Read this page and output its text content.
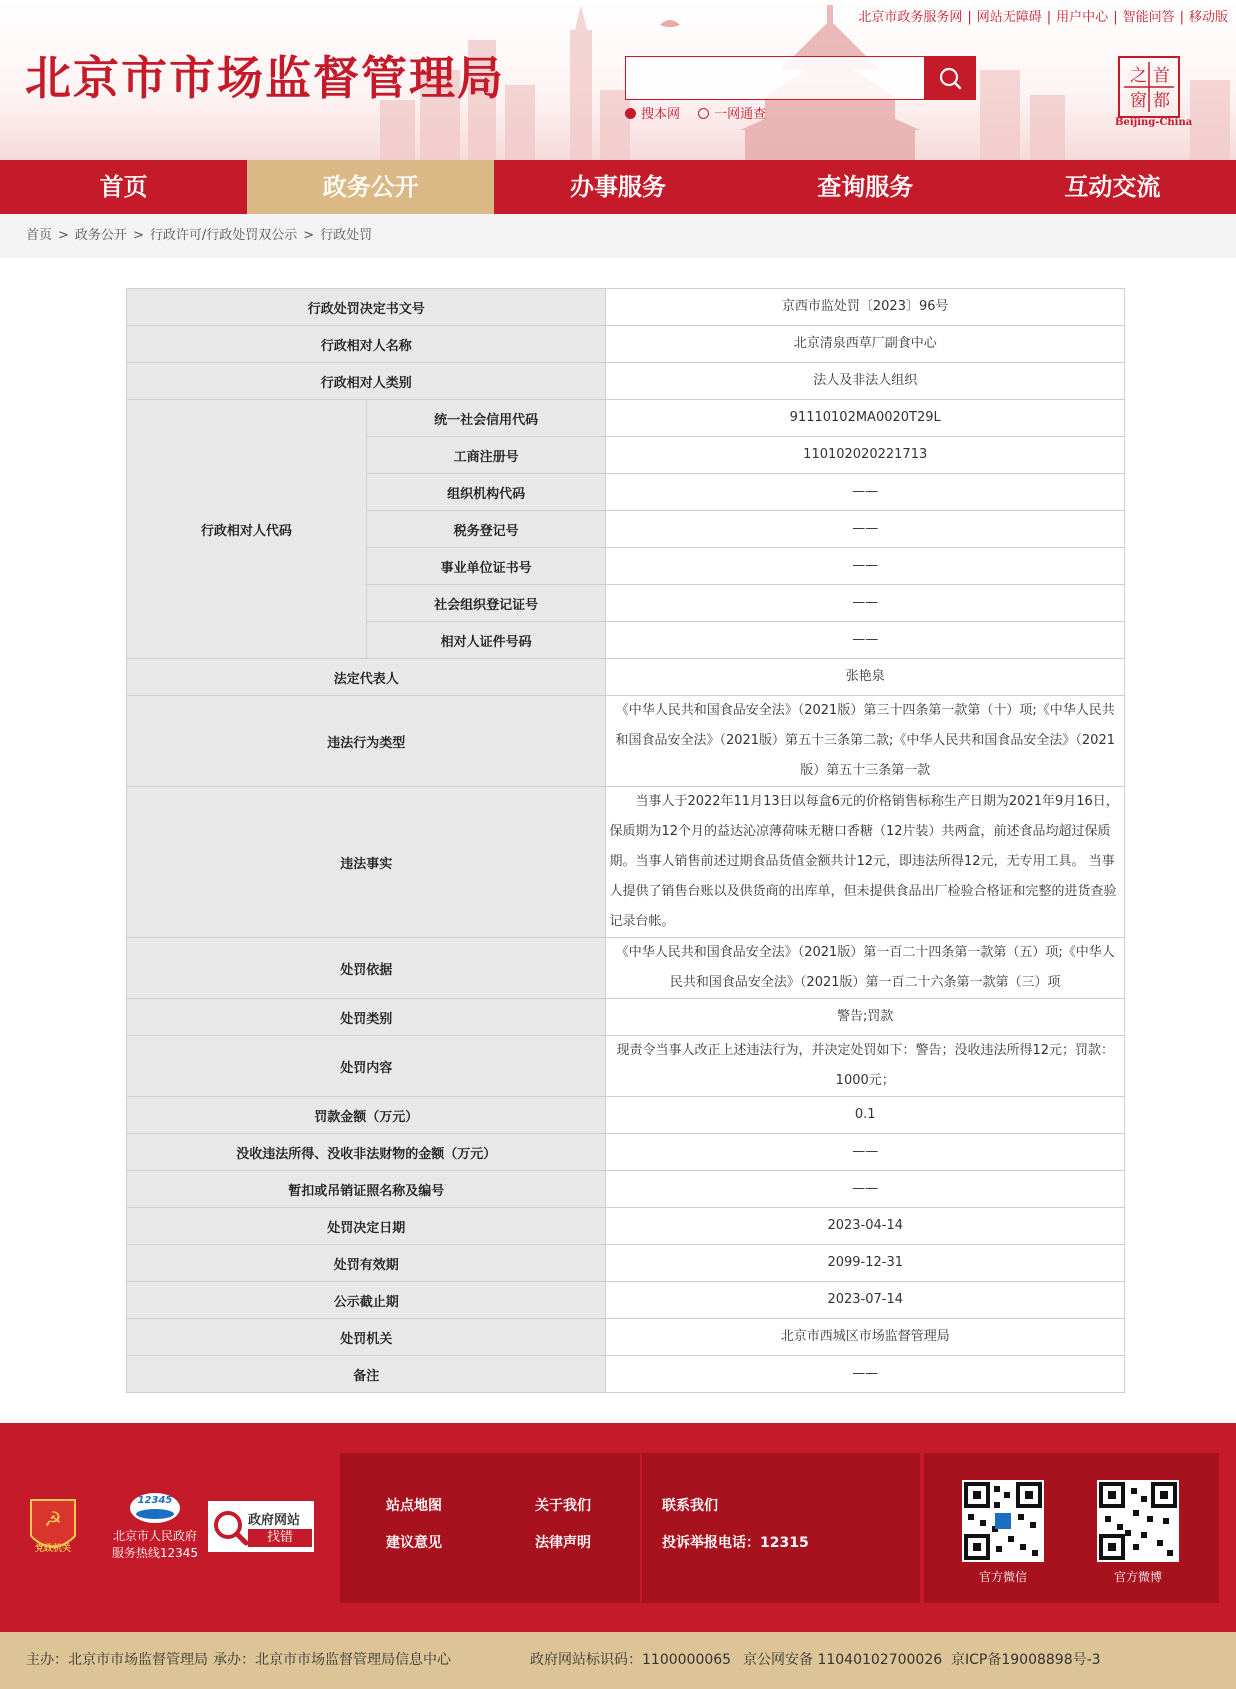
北京市市场监督管理局
北京市政务服务网 | 网站无障碍 | 用户中心 | 智能问答 | 移动版
搜本网	一网通查
之 首
窗 都
Beijing-China
首页	政务公开	办事服务	查询服务	互动交流
首页 > 政务公开 > 行政许可/行政处罚双公示 > 行政处罚
行政处罚决定书文号		京西市监处罚〔2023〕96号
行政相对人名称		北京清泉西草厂副食中心
行政相对人类别		法人及非法人组织
行政相对人代码	统一社会信用代码	91110102MA0020T29L
	工商注册号	110102020221713
	组织机构代码	——
	税务登记号	——
	事业单位证书号	——
	社会组织登记证号	——
	相对人证件号码	——
法定代表人		张艳泉
违法行为类型		《中华人民共和国食品安全法》（2021版）第三十四条第一款第（十）项;《中华人民共和国食品安全法》（2021版）第五十三条第二款;《中华人民共和国食品安全法》（2021版）第五十三条第一款
违法事实		当事人于2022年11月13日以每盒6元的价格销售标称生产日期为2021年9月16日，保质期为12个月的益达沁凉薄荷味无糖口香糖（12片装）共两盒，前述食品均超过保质期。当事人销售前述过期食品货值金额共计12元，即违法所得12元，无专用工具。 当事人提供了销售台账以及供货商的出库单，但未提供食品出厂检验合格证和完整的进货查验记录台帐。
处罚依据		《中华人民共和国食品安全法》（2021版）第一百二十四条第一款第（五）项;《中华人民共和国食品安全法》（2021版）第一百二十六条第一款第（三）项
处罚类别		警告;罚款
处罚内容		现责令当事人改正上述违法行为，并决定处罚如下：警告；没收违法所得12元；罚款：1000元；
罚款金额（万元）		0.1
没收违法所得、没收非法财物的金额（万元）		——
暂扣或吊销证照名称及编号		——
处罚决定日期		2023-04-14
处罚有效期		2099-12-31
公示截止期		2023-07-14
处罚机关		北京市西城区市场监督管理局
备注		——
☭
党政机关
12345
北京市人民政府
服务热线12345
政府网站
找错
站点地图	关于我们	联系我们
建议意见	法律声明	投诉举报电话：12315
官方微信	官方微博
主办：北京市市场监督管理局 承办：北京市市场监督管理局信息中心	政府网站标识码：1100000065 京公网安备 11040102700026 京ICP备19008898号-3
